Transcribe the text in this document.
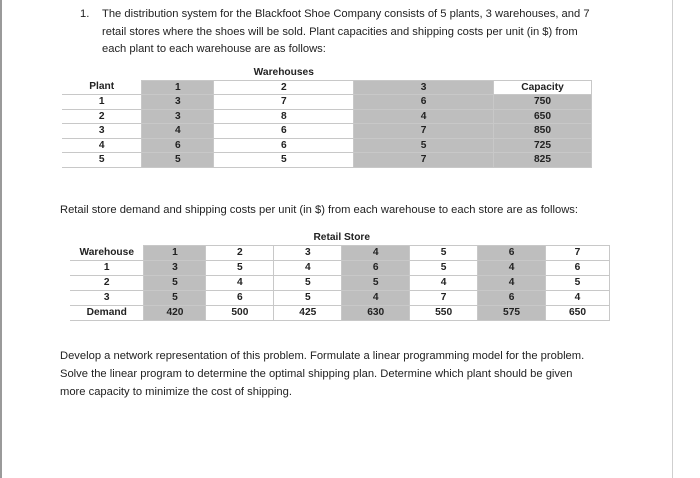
1. The distribution system for the Blackfoot Shoe Company consists of 5 plants, 3 warehouses, and 7
retail stores where the shoes will be sold. Plant capacities and shipping costs per unit (in $) from
each plant to each warehouse are as follows:
		Warehouses		
Plant	1	2	3	Capacity
1	3	7	6	750
2	3	8	4	650
3	4	6	7	850
4	6	6	5	725
5	5	5	7	825
Retail store demand and shipping costs per unit (in $) from each warehouse to each store are as follows:
			Retail Store				
Warehouse	1	2	3	4	5	6	7
1	3	5	4	6	5	4	6
2	5	4	5	5	4	4	5
3	5	6	5	4	7	6	4
Demand	420	500	425	630	550	575	650
Develop a network representation of this problem. Formulate a linear programming model for the problem.
Solve the linear program to determine the optimal shipping plan. Determine which plant should be given
more capacity to minimize the cost of shipping.
